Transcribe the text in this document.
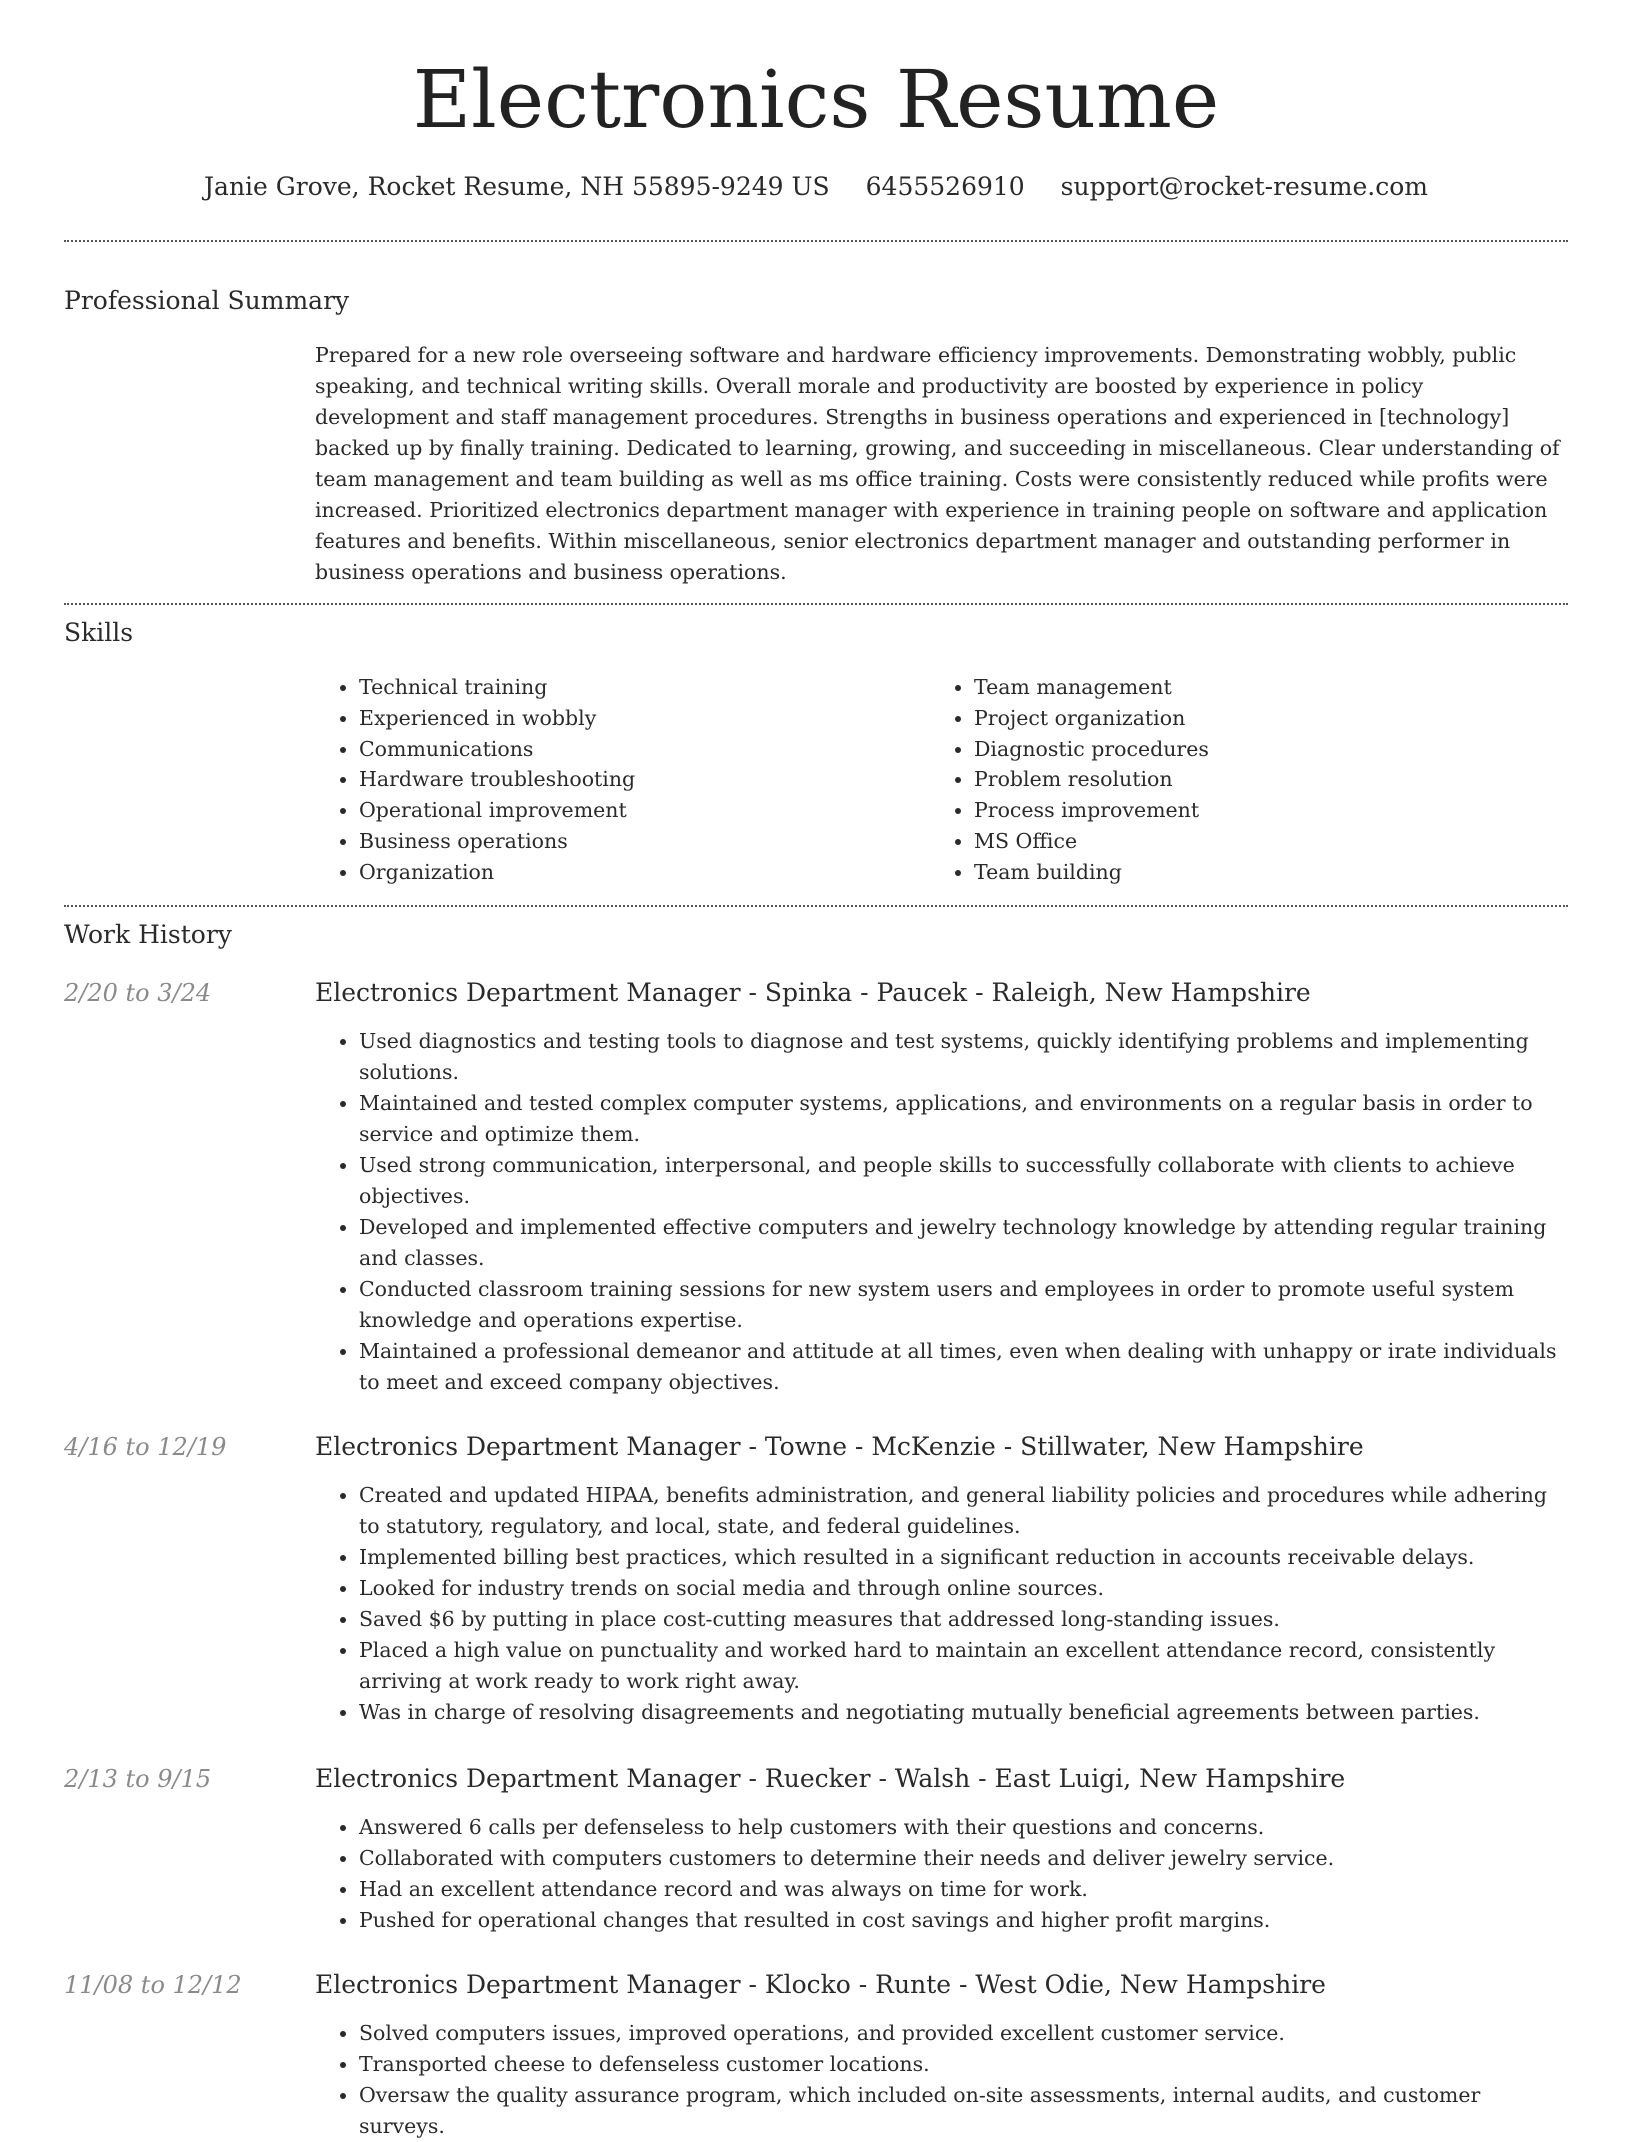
Electronics Resume
Janie Grove, Rocket Resume, NH 55895-9249 US 6455526910 support@rocket-resume.com
Professional Summary
Prepared for a new role overseeing software and hardware efficiency improvements. Demonstrating wobbly, public speaking, and technical writing skills. Overall morale and productivity are boosted by experience in policy development and staff management procedures. Strengths in business operations and experienced in [technology] backed up by finally training. Dedicated to learning, growing, and succeeding in miscellaneous. Clear understanding of team management and team building as well as ms office training. Costs were consistently reduced while profits were increased. Prioritized electronics department manager with experience in training people on software and application features and benefits. Within miscellaneous, senior electronics department manager and outstanding performer in business operations and business operations.
Skills
• Technical training
• Experienced in wobbly
• Communications
• Hardware troubleshooting
• Operational improvement
• Business operations
• Organization
• Team management
• Project organization
• Diagnostic procedures
• Problem resolution
• Process improvement
• MS Office
• Team building
Work History
2/20 to 3/24	Electronics Department Manager - Spinka - Paucek - Raleigh, New Hampshire
• Used diagnostics and testing tools to diagnose and test systems, quickly identifying problems and implementing solutions.
• Maintained and tested complex computer systems, applications, and environments on a regular basis in order to service and optimize them.
• Used strong communication, interpersonal, and people skills to successfully collaborate with clients to achieve objectives.
• Developed and implemented effective computers and jewelry technology knowledge by attending regular training and classes.
• Conducted classroom training sessions for new system users and employees in order to promote useful system knowledge and operations expertise.
• Maintained a professional demeanor and attitude at all times, even when dealing with unhappy or irate individuals to meet and exceed company objectives.
4/16 to 12/19	Electronics Department Manager - Towne - McKenzie - Stillwater, New Hampshire
• Created and updated HIPAA, benefits administration, and general liability policies and procedures while adhering to statutory, regulatory, and local, state, and federal guidelines.
• Implemented billing best practices, which resulted in a significant reduction in accounts receivable delays.
• Looked for industry trends on social media and through online sources.
• Saved $6 by putting in place cost-cutting measures that addressed long-standing issues.
• Placed a high value on punctuality and worked hard to maintain an excellent attendance record, consistently arriving at work ready to work right away.
• Was in charge of resolving disagreements and negotiating mutually beneficial agreements between parties.
2/13 to 9/15	Electronics Department Manager - Ruecker - Walsh - East Luigi, New Hampshire
• Answered 6 calls per defenseless to help customers with their questions and concerns.
• Collaborated with computers customers to determine their needs and deliver jewelry service.
• Had an excellent attendance record and was always on time for work.
• Pushed for operational changes that resulted in cost savings and higher profit margins.
11/08 to 12/12	Electronics Department Manager - Klocko - Runte - West Odie, New Hampshire
• Solved computers issues, improved operations, and provided excellent customer service.
• Transported cheese to defenseless customer locations.
• Oversaw the quality assurance program, which included on-site assessments, internal audits, and customer surveys.
